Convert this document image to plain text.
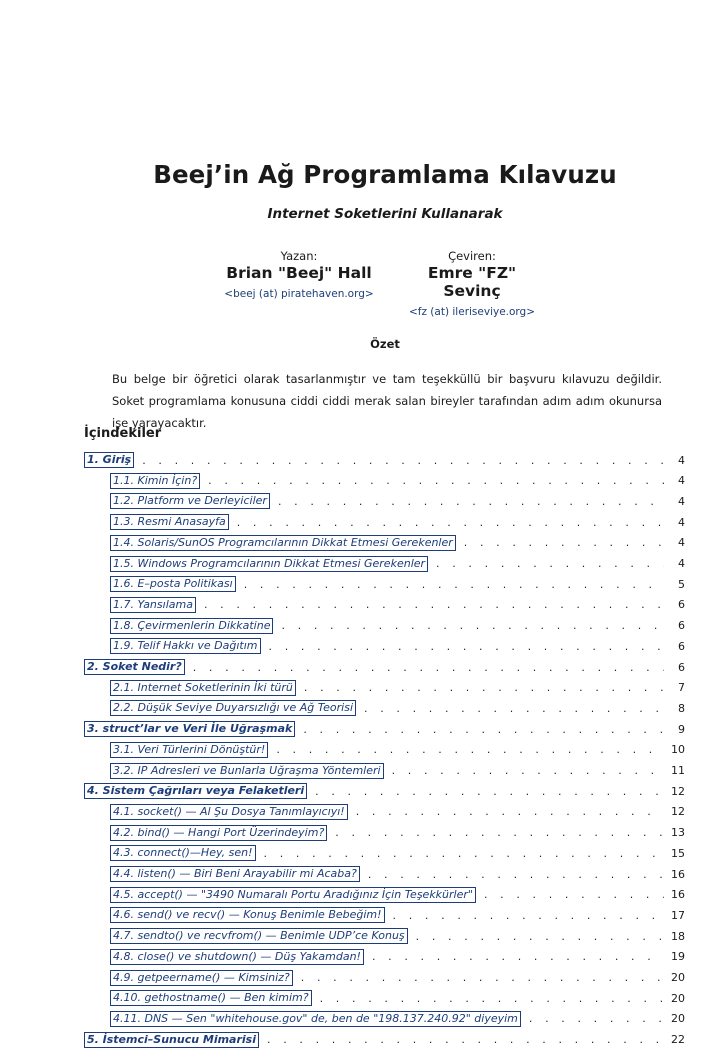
Beej’in Ağ Programlama Kılavuzu
Internet Soketlerini Kullanarak
Yazan:
Brian "Beej" Hall
<beej (at) piratehaven.org>
Çeviren:
Emre "FZ" Sevinç
<fz (at) ileriseviye.org>
Özet
Bu belge bir öğretici olarak tasarlanmıştır ve tam teşekküllü bir başvuru kılavuzu değildir. Soket programlama konusuna ciddi ciddi merak salan bireyler tarafından adım adım okunursa işe yarayacaktır.
İçindekiler
1. Giriş . . .	4
1.1. Kimin İçin? . . .	4
1.2. Platform ve Derleyiciler . . .	4
1.3. Resmi Anasayfa . . .	4
1.4. Solaris/SunOS Programcılarının Dikkat Etmesi Gerekenler . . .	4
1.5. Windows Programcılarının Dikkat Etmesi Gerekenler . . .	4
1.6. E–posta Politikası . . .	5
1.7. Yansılama . . .	6
1.8. Çevirmenlerin Dikkatine . . .	6
1.9. Telif Hakkı ve Dağıtım . . .	6
2. Soket Nedir? . . .	6
2.1. Internet Soketlerinin İki türü . . .	7
2.2. Düşük Seviye Duyarsızlığı ve Ağ Teorisi . . .	8
3. struct’lar ve Veri İle Uğraşmak . . .	9
3.1. Veri Türlerini Dönüştür! . . .	10
3.2. IP Adresleri ve Bunlarla Uğraşma Yöntemleri . . .	11
4. Sistem Çağrıları veya Felaketleri . . .	12
4.1. socket() — Al Şu Dosya Tanımlayıcıyı! . . .	12
4.2. bind() — Hangi Port Üzerindeyim? . . .	13
4.3. connect()—Hey, sen! . . .	15
4.4. listen() — Biri Beni Arayabilir mi Acaba? . . .	16
4.5. accept() — "3490 Numaralı Portu Aradığınız İçin Teşekkürler" . . .	16
4.6. send() ve recv() — Konuş Benimle Bebeğim! . . .	17
4.7. sendto() ve recvfrom() — Benimle UDP’ce Konuş . . .	18
4.8. close() ve shutdown() — Düş Yakamdan! . . .	19
4.9. getpeername() — Kimsiniz? . . .	20
4.10. gethostname() — Ben kimim? . . .	20
4.11. DNS — Sen "whitehouse.gov" de, ben de "198.137.240.92" diyeyim . . .	20
5. İstemci–Sunucu Mimarisi . . .	22
